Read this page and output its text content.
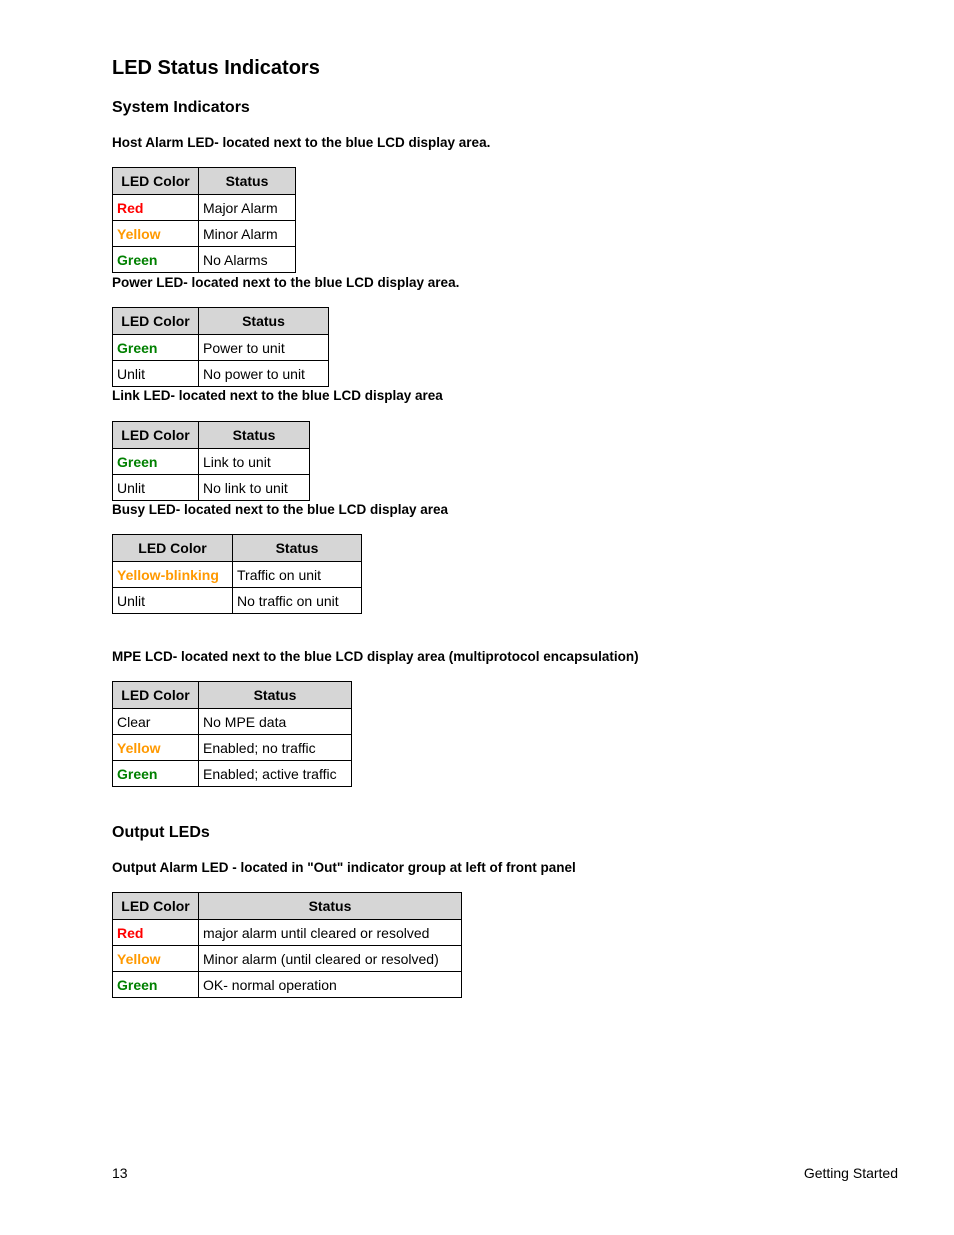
LED Status Indicators
System Indicators
Host Alarm LED- located next to the blue LCD display area.
LED Color	Status
Red	Major Alarm
Yellow	Minor Alarm
Green	No Alarms
Power LED- located next to the blue LCD display area.
LED Color	Status
Green	Power to unit
Unlit	No power to unit
Link LED- located next to the blue LCD display area
LED Color	Status
Green	Link to unit
Unlit	No link to unit
Busy LED- located next to the blue LCD display area
LED Color	Status
Yellow-blinking	Traffic on unit
Unlit	No traffic on unit
MPE LCD- located next to the blue LCD display area (multiprotocol encapsulation)
LED Color	Status
Clear	No MPE data
Yellow	Enabled; no traffic
Green	Enabled; active traffic
Output LEDs
Output Alarm LED - located in "Out" indicator group at left of front panel
LED Color	Status
Red	major alarm until cleared or resolved
Yellow	Minor alarm (until cleared or resolved)
Green	OK- normal operation
13	Getting Started
